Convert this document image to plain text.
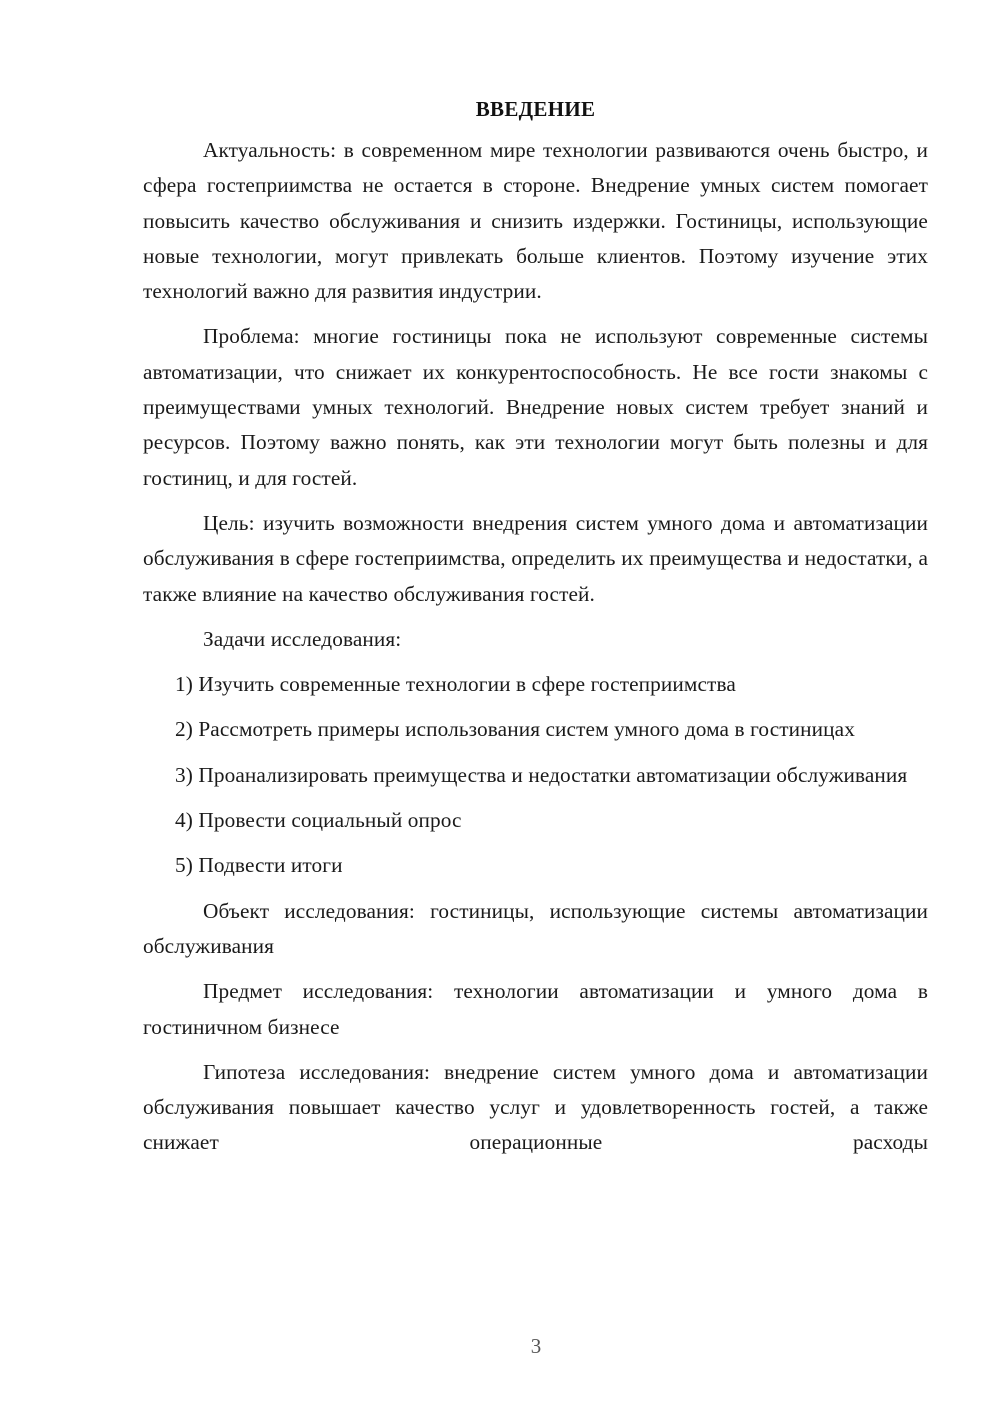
ВВЕДЕНИЕ

Актуальность: в современном мире технологии развиваются очень быстро, и сфера гостеприимства не остается в стороне. Внедрение умных систем помогает повысить качество обслуживания и снизить издержки. Гостиницы, использующие новые технологии, могут привлекать больше клиентов. Поэтому изучение этих технологий важно для развития индустрии.

Проблема: многие гостиницы пока не используют современные системы автоматизации, что снижает их конкурентоспособность. Не все гости знакомы с преимуществами умных технологий. Внедрение новых систем требует знаний и ресурсов. Поэтому важно понять, как эти технологии могут быть полезны и для гостиниц, и для гостей.

Цель: изучить возможности внедрения систем умного дома и автоматизации обслуживания в сфере гостеприимства, определить их преимущества и недостатки, а также влияние на качество обслуживания гостей.

Задачи исследования:

1) Изучить современные технологии в сфере гостеприимства

2) Рассмотреть примеры использования систем умного дома в гостиницах

3) Проанализировать преимущества и недостатки автоматизации обслуживания

4) Провести социальный опрос

5) Подвести итоги

Объект исследования: гостиницы, использующие системы автоматизации обслуживания

Предмет исследования: технологии автоматизации и умного дома в гостиничном бизнесе

Гипотеза исследования: внедрение систем умного дома и автоматизации обслуживания повышает качество услуг и удовлетворенность гостей, а также снижает операционные расходы

3
